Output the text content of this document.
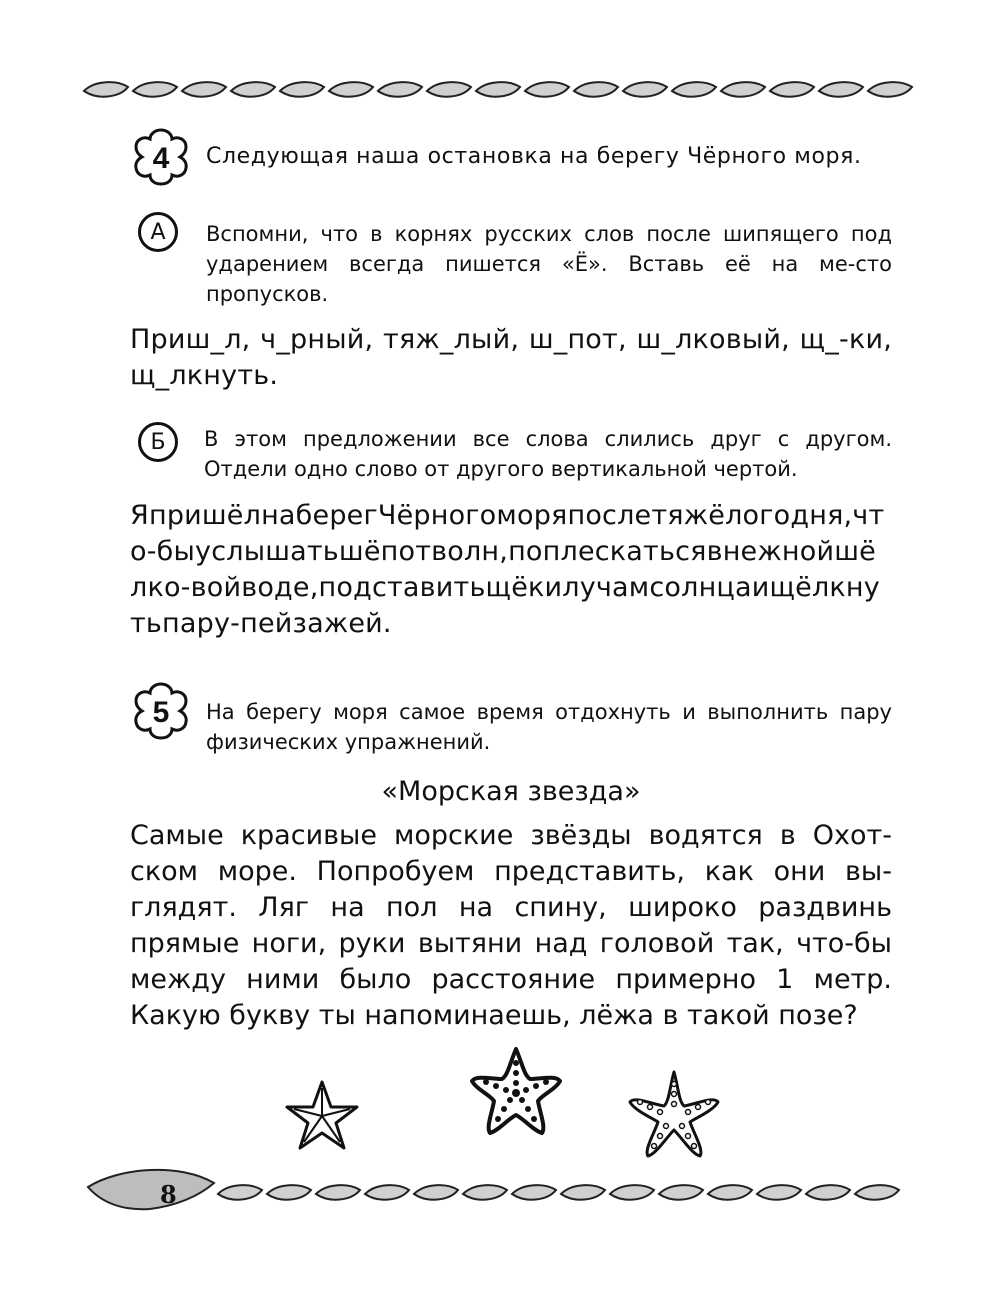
4 Следующая наша остановка на берегу Чёрного моря.
А Вспомни, что в корнях русских слов после шипящего под ударением всегда пишется «Ё». Вставь её на ме-сто пропусков.
Приш_л, ч_рный, тяж_лый, ш_пот, ш_лковый, щ_-ки, щ_лкнуть.
Б В этом предложении все слова слились друг с другом. Отдели одно слово от другого вертикальной чертой.
ЯпришёлнаберегЧёрногоморяпослетяжёлогодня,что-быуслышатьшёпотволн,поплескатьсявнежнойшёлко-войводе,подставитьщёкилучамсолнцаищёлкнутьпару-пейзажей.
5 На берегу моря самое время отдохнуть и выполнить пару физических упражнений.
«Морская звезда»
Самые красивые морские звёзды водятся в Охот-ском море. Попробуем представить, как они вы-глядят. Ляг на пол на спину, широко раздвинь прямые ноги, руки вытяни над головой так, что-бы между ними было расстояние примерно 1 метр. Какую букву ты напоминаешь, лёжа в такой позе?
8
